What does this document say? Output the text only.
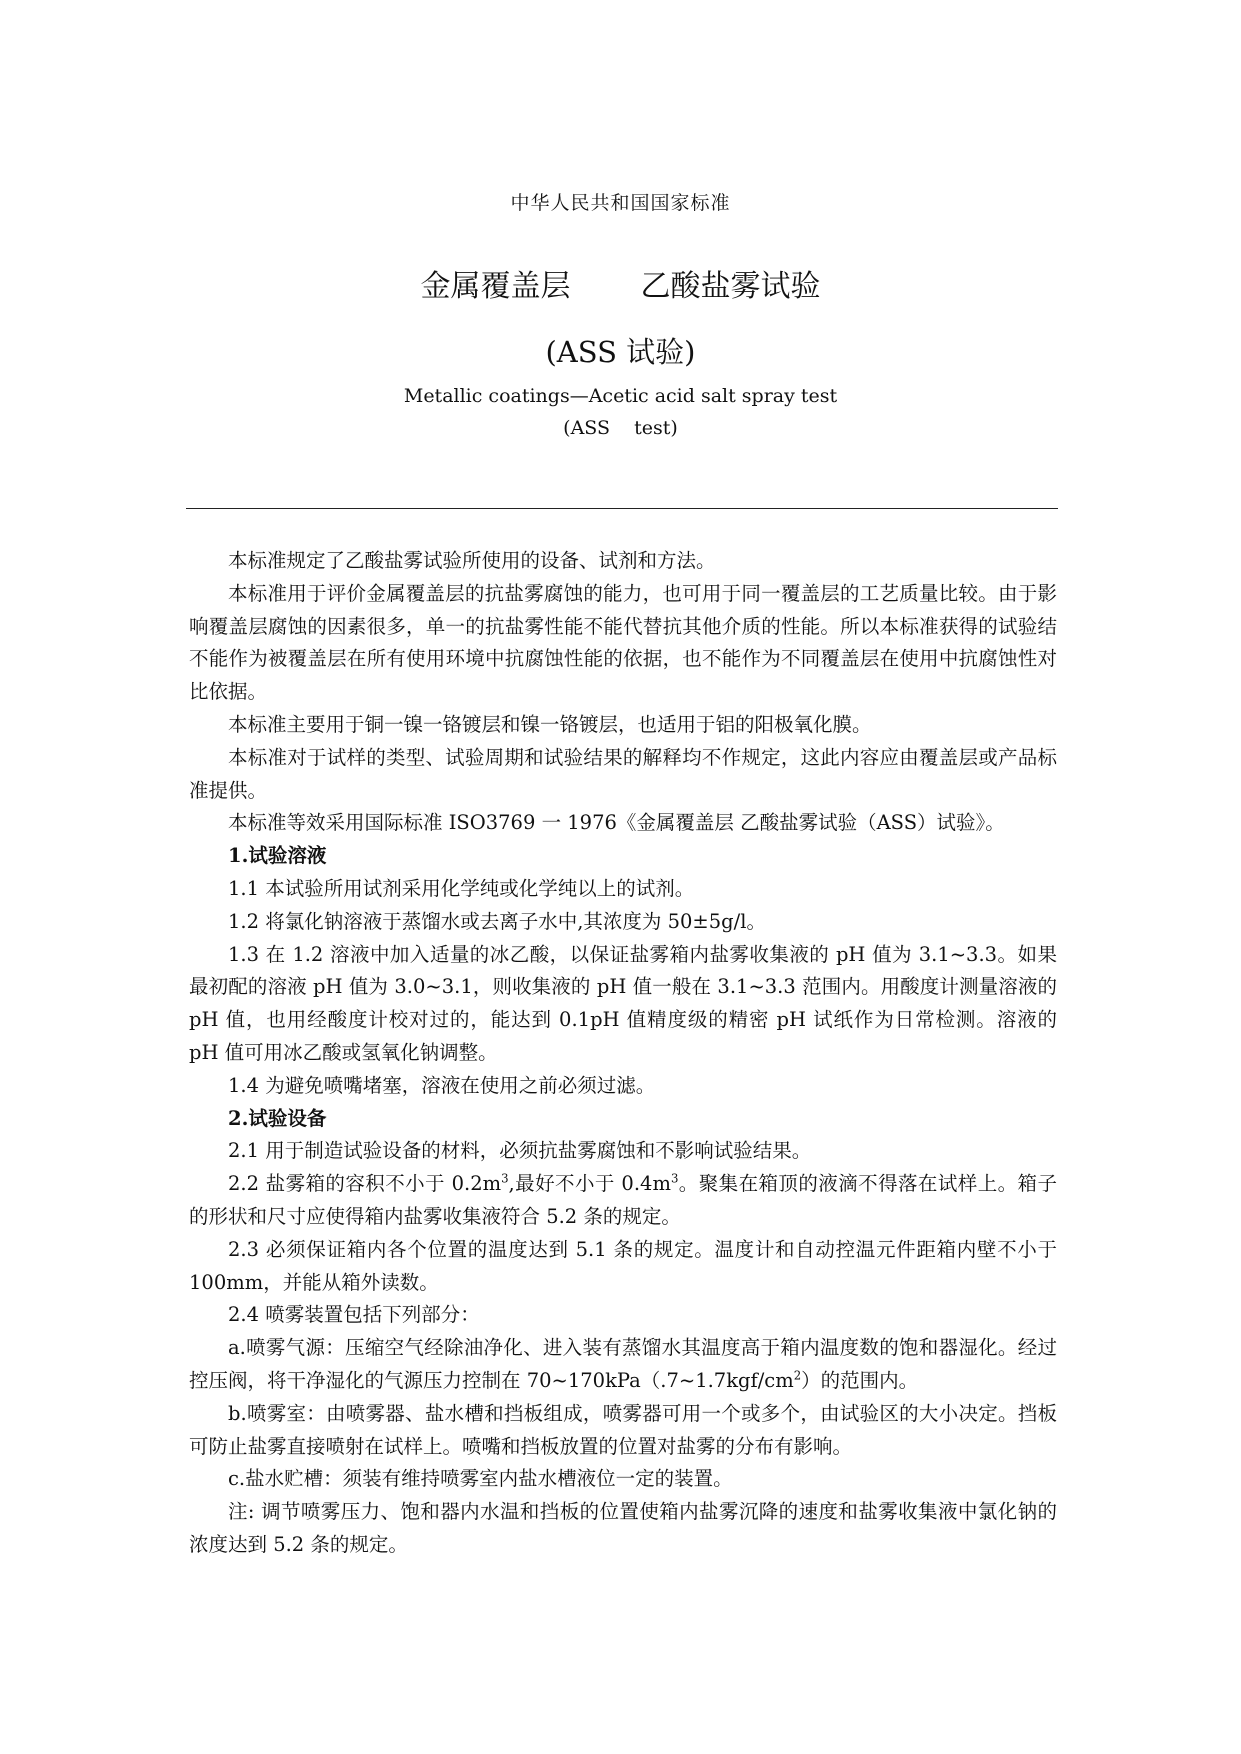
中华人民共和国国家标准
金属覆盖层 乙酸盐雾试验
(ASS 试验)
Metallic coatings—Acetic acid salt spray test
(ASS    test)

本标准规定了乙酸盐雾试验所使用的设备、试剂和方法。

本标准用于评价金属覆盖层的抗盐雾腐蚀的能力，也可用于同一覆盖层的工艺质量比较。由于影响覆盖层腐蚀的因素很多，单一的抗盐雾性能不能代替抗其他介质的性能。所以本标准获得的试验结不能作为被覆盖层在所有使用环境中抗腐蚀性能的依据，也不能作为不同覆盖层在使用中抗腐蚀性对比依据。

本标准主要用于铜一镍一铬镀层和镍一铬镀层，也适用于铝的阳极氧化膜。

本标准对于试样的类型、试验周期和试验结果的解释均不作规定，这此内容应由覆盖层或产品标准提供。

本标准等效采用国际标准 ISO3769 一 1976《金属覆盖层 乙酸盐雾试验（ASS）试验》。

1.试验溶液

1.1 本试验所用试剂采用化学纯或化学纯以上的试剂。

1.2 将氯化钠溶液于蒸馏水或去离子水中,其浓度为 50±5g/l。

1.3 在 1.2 溶液中加入适量的冰乙酸，以保证盐雾箱内盐雾收集液的 pH 值为 3.1~3.3。如果最初配的溶液 pH 值为 3.0~3.1，则收集液的 pH 值一般在 3.1~3.3 范围内。用酸度计测量溶液的 pH 值，也用经酸度计校对过的，能达到 0.1pH 值精度级的精密 pH 试纸作为日常检测。溶液的 pH 值可用冰乙酸或氢氧化钠调整。

1.4 为避免喷嘴堵塞，溶液在使用之前必须过滤。

2.试验设备

2.1 用于制造试验设备的材料，必须抗盐雾腐蚀和不影响试验结果。

2.2 盐雾箱的容积不小于 $0.2m^3$,最好不小于 $0.4m^3$。聚集在箱顶的液滴不得落在试样上。箱子的形状和尺寸应使得箱内盐雾收集液符合 5.2 条的规定。

2.3 必须保证箱内各个位置的温度达到 5.1 条的规定。温度计和自动控温元件距箱内壁不小于 100mm，并能从箱外读数。

2.4 喷雾装置包括下列部分：

a.喷雾气源：压缩空气经除油净化、进入装有蒸馏水其温度高于箱内温度数的饱和器湿化。经过控压阀，将干净湿化的气源压力控制在 $70\sim 170kPa(.7\sim 1.7kgf/cm^2)$的范围内。

b.喷雾室：由喷雾器、盐水槽和挡板组成，喷雾器可用一个或多个，由试验区的大小决定。挡板可防止盐雾直接喷射在试样上。喷嘴和挡板放置的位置对盐雾的分布有影响。

c.盐水贮槽：须装有维持喷雾室内盐水槽液位一定的装置。

注: 调节喷雾压力、饱和器内水温和挡板的位置使箱内盐雾沉降的速度和盐雾收集液中氯化钠的浓度达到 5.2 条的规定。
